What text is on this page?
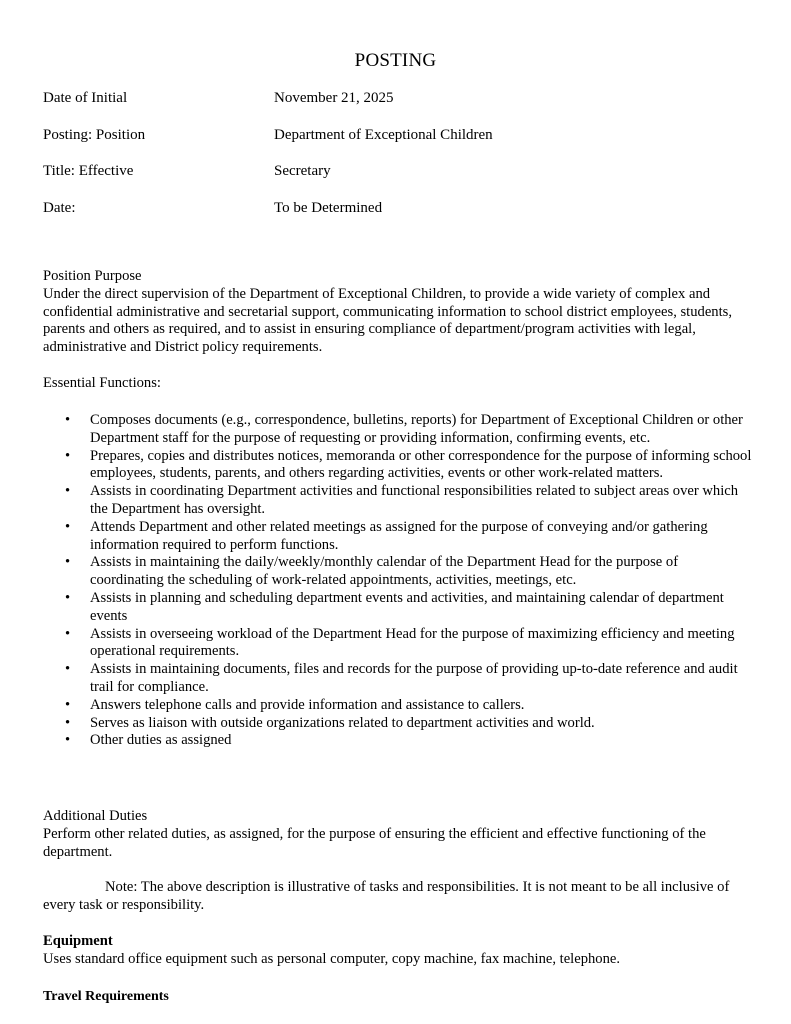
POSTING
Date of Initial	November 21, 2025
Posting: Position	Department of Exceptional Children
Title: Effective	Secretary
Date:	To be Determined
Position Purpose

Under the direct supervision of the Department of Exceptional Children, to provide a wide variety of complex and confidential administrative and secretarial support, communicating information to school district employees, students, parents and others as required, and to assist in ensuring compliance of department/program activities with legal, administrative and District policy requirements.

Essential Functions:
• Composes documents (e.g., correspondence, bulletins, reports) for Department of Exceptional Children or other Department staff for the purpose of requesting or providing information, confirming events, etc.
• Prepares, copies and distributes notices, memoranda or other correspondence for the purpose of informing school employees, students, parents, and others regarding activities, events or other work-related matters.
• Assists in coordinating Department activities and functional responsibilities related to subject areas over which the Department has oversight.
• Attends Department and other related meetings as assigned for the purpose of conveying and/or gathering information required to perform functions.
• Assists in maintaining the daily/weekly/monthly calendar of the Department Head for the purpose of coordinating the scheduling of work-related appointments, activities, meetings, etc.
• Assists in planning and scheduling department events and activities, and maintaining calendar of department events
• Assists in overseeing workload of the Department Head for the purpose of maximizing efficiency and meeting operational requirements.
• Assists in maintaining documents, files and records for the purpose of providing up-to-date reference and audit trail for compliance.
• Answers telephone calls and provide information and assistance to callers.
• Serves as liaison with outside organizations related to department activities and world.
• Other duties as assigned
Additional Duties
Perform other related duties, as assigned, for the purpose of ensuring the efficient and effective functioning of the department.
Note: The above description is illustrative of tasks and responsibilities. It is not meant to be all inclusive of every task or responsibility.
Equipment
Uses standard office equipment such as personal computer, copy machine, fax machine, telephone.
Travel Requirements
